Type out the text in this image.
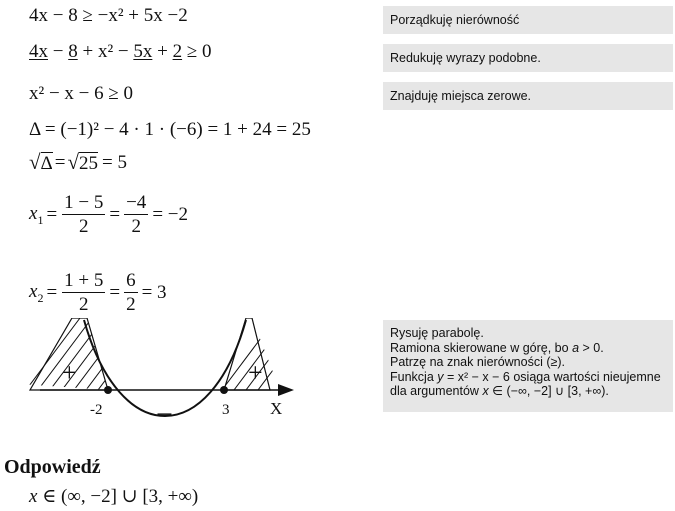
4x − 8 ≥ −x² + 5x −2
4x − 8 + x² − 5x + 2 ≥ 0
x² − x − 6 ≥ 0
Δ = (−1)² − 4 · 1 · (−6) = 1 + 24 = 25
√ Δ = √ 25 = 5
$x_1 = \frac{1 - 5}{2} = \frac{-4}{2} = -2$
$x_2 = \frac{1 + 5}{2} = \frac{6}{2} = 3$
Porządkuję nierówność
Redukuję wyrazy podobne.
Znajduję miejsca zerowe.
Rysuję parabolę.
Ramiona skierowane w górę, bo a > 0.
Patrzę na znak nierówności (≥).
Funkcja y = x² − x − 6 osiąga wartości nieujemne
dla argumentów x ∈ (−∞, −2] ∪ [3, +∞).
-2	3 X
+	+
−
Odpowiedź
x ∈ (∞, −2] ∪ [3, +∞)
